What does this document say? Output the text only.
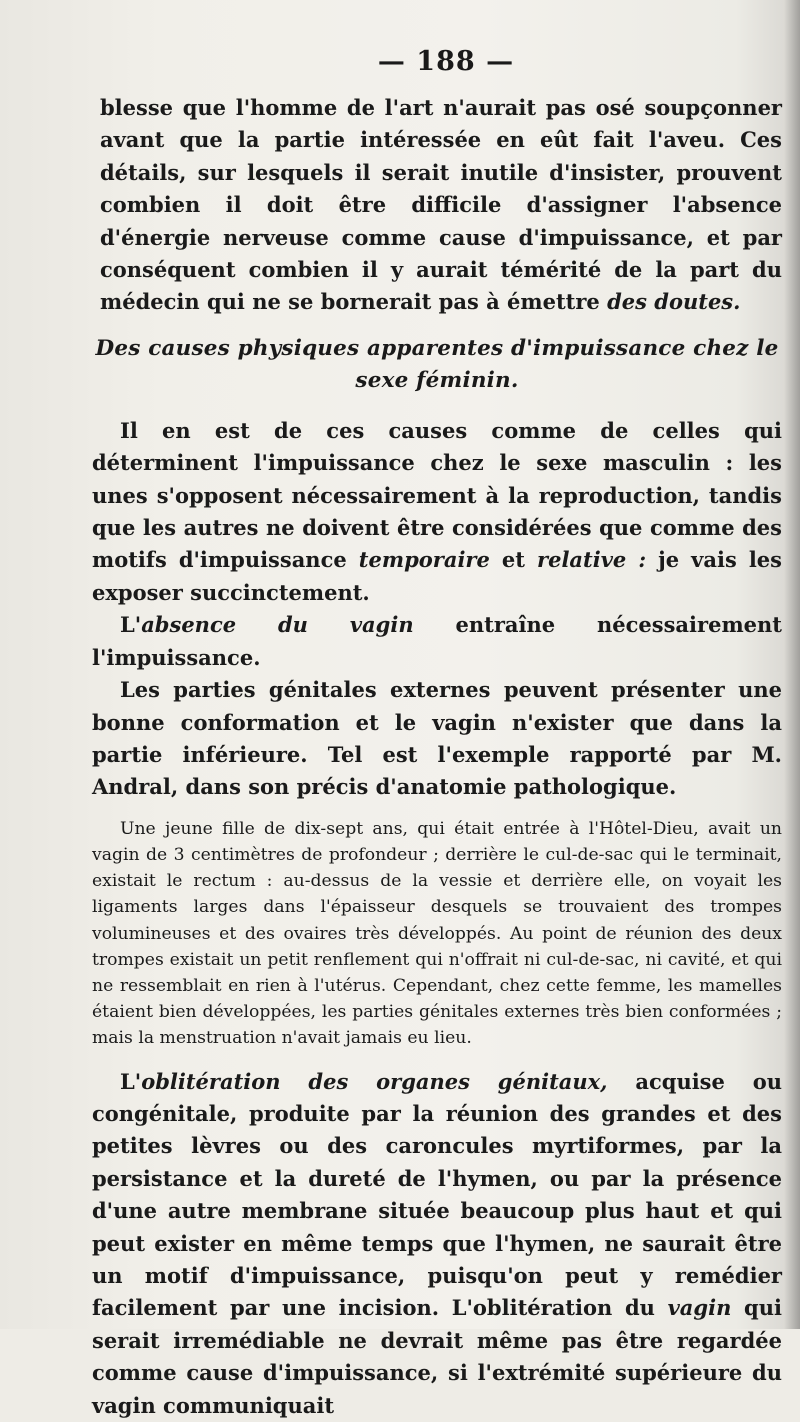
— 188 —

blesse que l'homme de l'art n'aurait pas osé soupçonner avant que la partie intéressée en eût fait l'aveu. Ces détails, sur lesquels il serait inutile d'insister, prouvent combien il doit être difficile d'assigner l'absence d'énergie nerveuse comme cause d'impuissance, et par conséquent combien il y aurait témérité de la part du médecin qui ne se bornerait pas à émettre des doutes.

Des causes physiques apparentes d'impuissance chez le sexe féminin.

Il en est de ces causes comme de celles qui déterminent l'impuissance chez le sexe masculin : les unes s'opposent nécessairement à la reproduction, tandis que les autres ne doivent être considérées que comme des motifs d'impuissance temporaire et relative : je vais les exposer succinctement.

L'absence du vagin entraîne nécessairement l'impuissance.

Les parties génitales externes peuvent présenter une bonne conformation et le vagin n'exister que dans la partie inférieure. Tel est l'exemple rapporté par M. Andral, dans son précis d'anatomie pathologique.

Une jeune fille de dix-sept ans, qui était entrée à l'Hôtel-Dieu, avait un vagin de 3 centimètres de profondeur ; derrière le cul-de-sac qui le terminait, existait le rectum : au-dessus de la vessie et derrière elle, on voyait les ligaments larges dans l'épaisseur desquels se trouvaient des trompes volumineuses et des ovaires très développés. Au point de réunion des deux trompes existait un petit renflement qui n'offrait ni cul-de-sac, ni cavité, et qui ne ressemblait en rien à l'utérus. Cependant, chez cette femme, les mamelles étaient bien développées, les parties génitales externes très bien conformées ; mais la menstruation n'avait jamais eu lieu.

L'oblitération des organes génitaux, acquise ou congénitale, produite par la réunion des grandes et des petites lèvres ou des caroncules myrtiformes, par la persistance et la dureté de l'hymen, ou par la présence d'une autre membrane située beaucoup plus haut et qui peut exister en même temps que l'hymen, ne saurait être un motif d'impuissance, puisqu'on peut y remédier facilement par une incision. L'oblitération du vagin qui serait irremédiable ne devrait même pas être regardée comme cause d'impuissance, si l'extrémité supérieure du vagin communiquait
